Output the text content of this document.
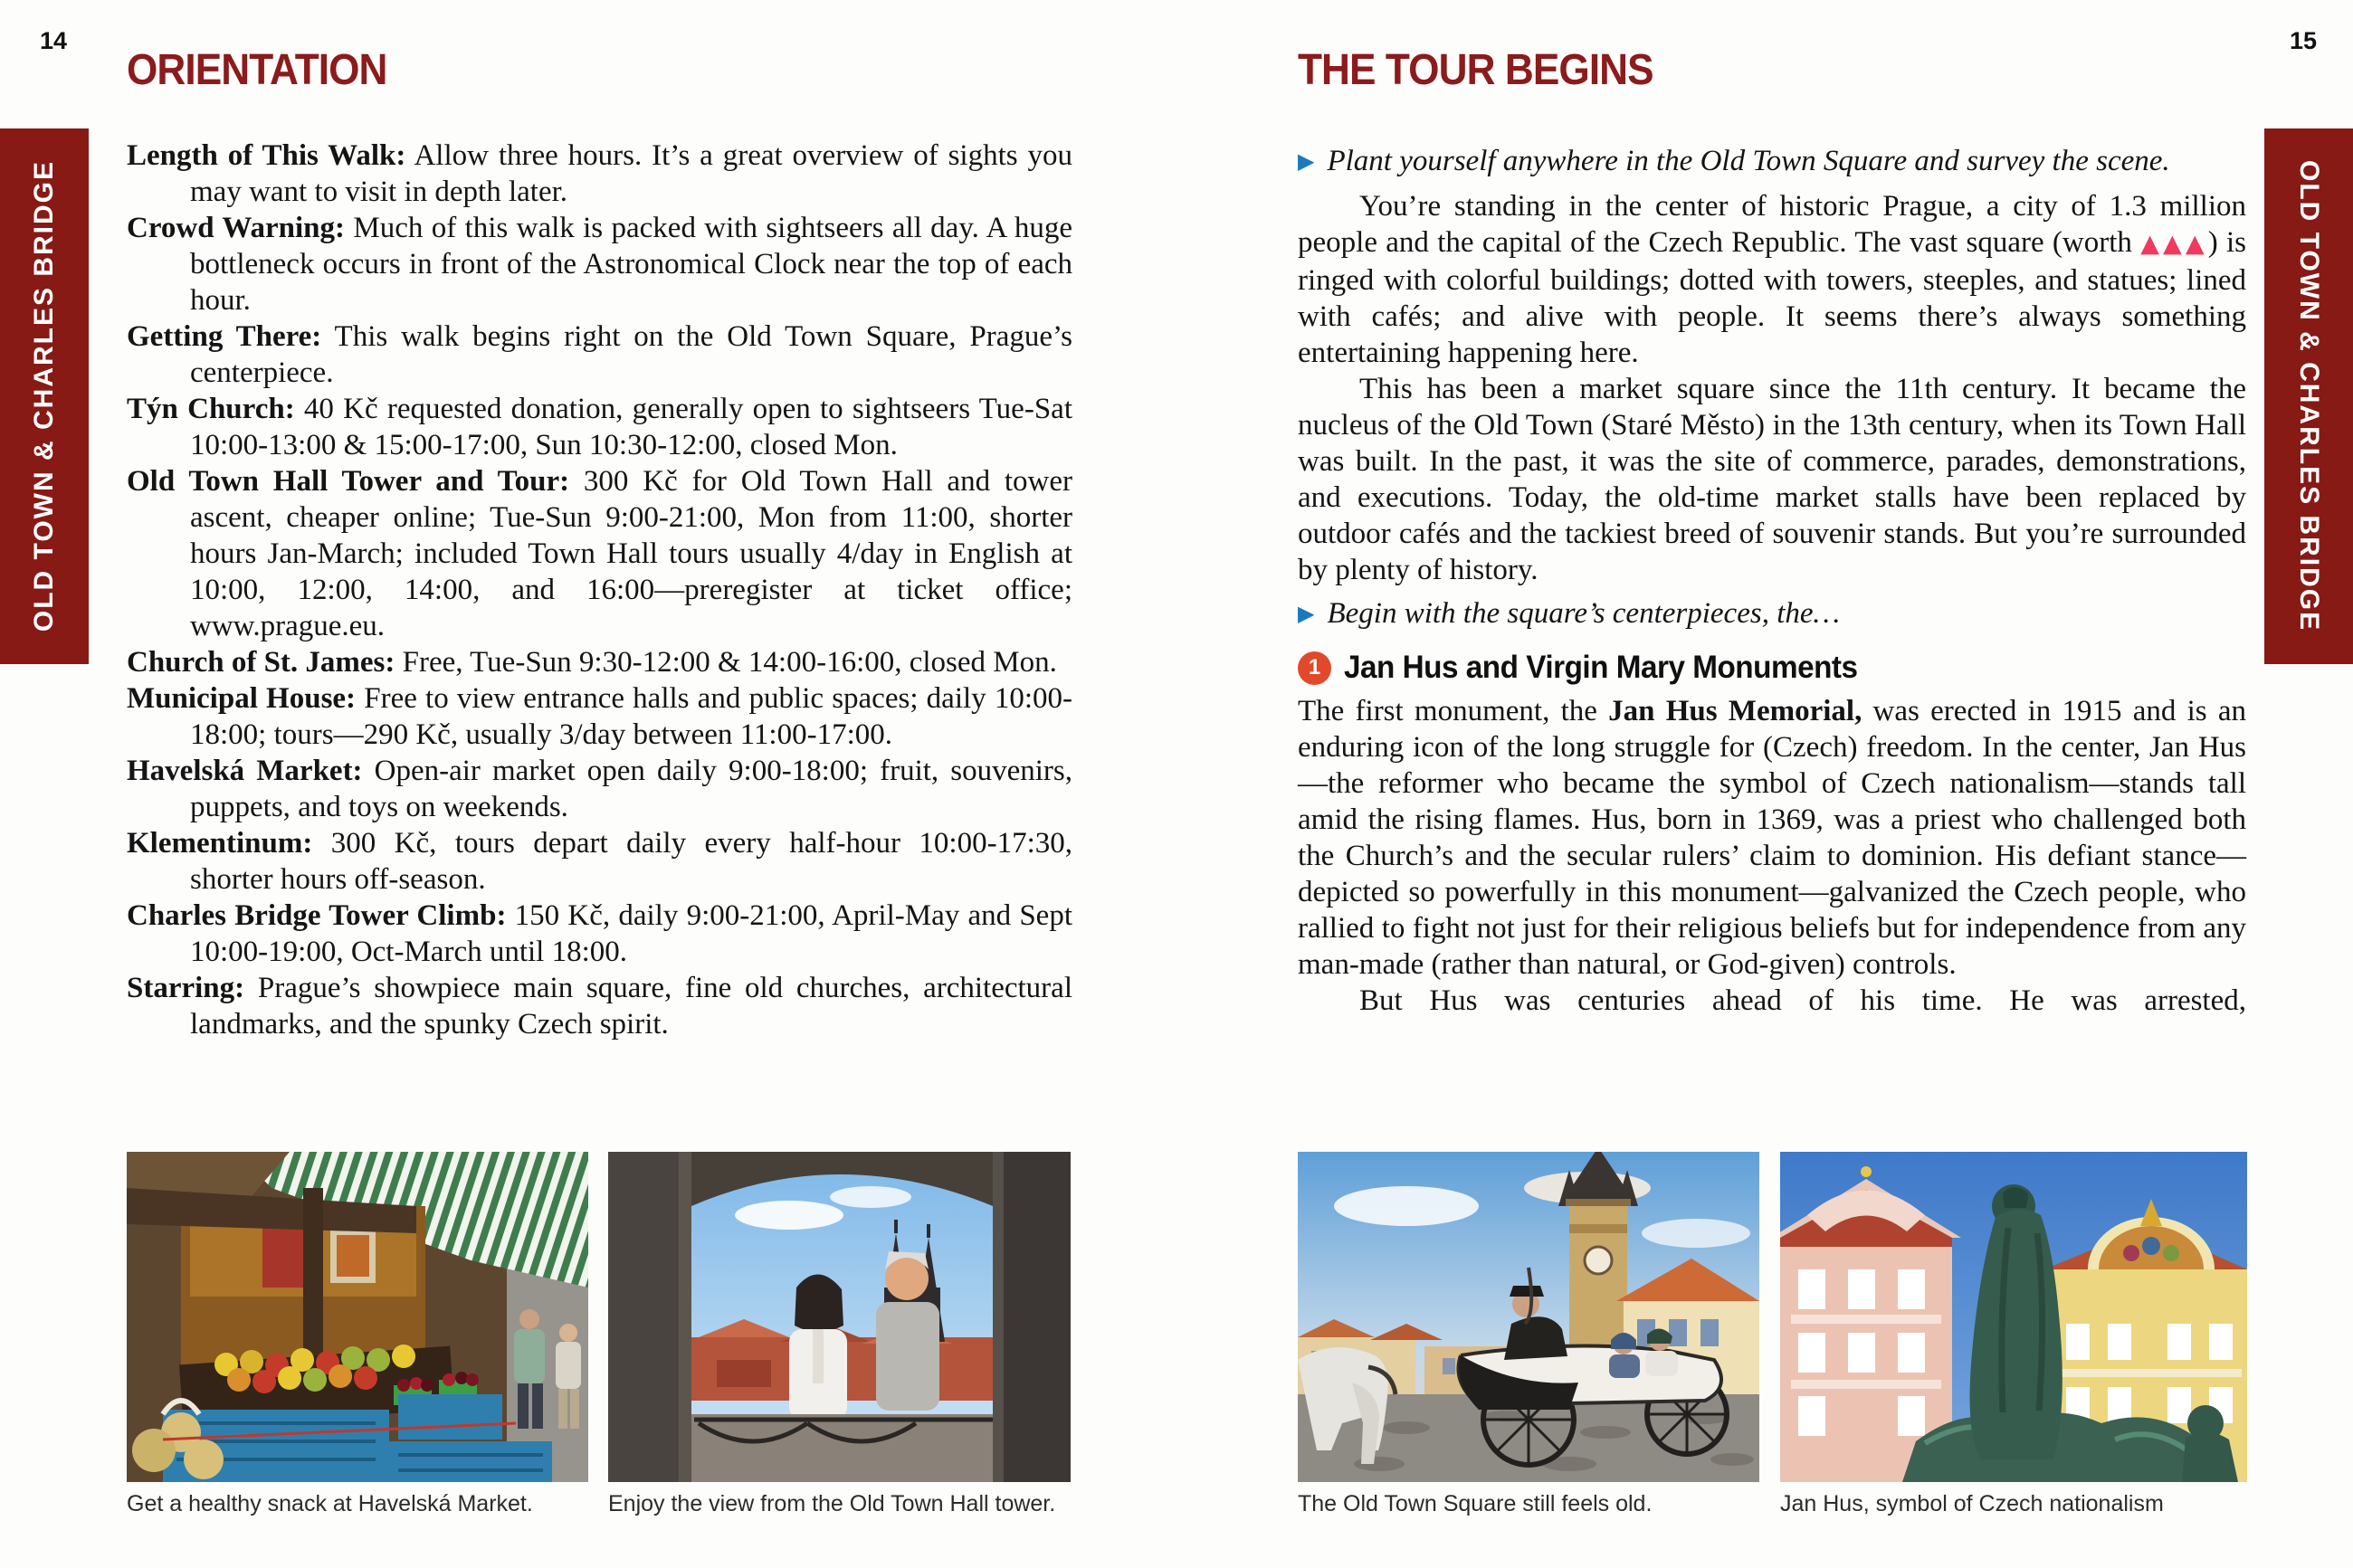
14
ORIENTATION
OLD TOWN & CHARLES BRIDGE

Length of This Walk: Allow three hours. It’s a great overview of sights you may want to visit in depth later.

Crowd Warning: Much of this walk is packed with sightseers all day. A huge bottleneck occurs in front of the Astronomical Clock near the top of each hour.

Getting There: This walk begins right on the Old Town Square, Prague’s centerpiece.

Týn Church: 40 Kč requested donation, generally open to sightseers Tue-Sat 10:00-13:00 & 15:00-17:00, Sun 10:30-12:00, closed Mon.

Old Town Hall Tower and Tour: 300 Kč for Old Town Hall and tower ascent, cheaper online; Tue-Sun 9:00-21:00, Mon from 11:00, shorter hours Jan-March; included Town Hall tours usually 4/day in English at 10:00, 12:00, 14:00, and 16:00—preregister at ticket office; www.prague.eu.

Church of St. James: Free, Tue-Sun 9:30-12:00 & 14:00-16:00, closed Mon.

Municipal House: Free to view entrance halls and public spaces; daily 10:00-18:00; tours—290 Kč, usually 3/day between 11:00-17:00.

Havelská Market: Open-air market open daily 9:00-18:00; fruit, souvenirs, puppets, and toys on weekends.

Klementinum: 300 Kč, tours depart daily every half-hour 10:00-17:30, shorter hours off-season.

Charles Bridge Tower Climb: 150 Kč, daily 9:00-21:00, April-May and Sept 10:00-19:00, Oct-March until 18:00.

Starring: Prague’s showpiece main square, fine old churches, architectural landmarks, and the spunky Czech spirit.

Get a healthy snack at Havelská Market.	Enjoy the view from the Old Town Hall tower.
15
THE TOUR BEGINS
OLD TOWN & CHARLES BRIDGE

▶ Plant yourself anywhere in the Old Town Square and survey the scene.

You’re standing in the center of historic Prague, a city of 1.3 million people and the capital of the Czech Republic. The vast square (worth ▲▲▲) is ringed with colorful buildings; dotted with towers, steeples, and statues; lined with cafés; and alive with people. It seems there’s always something entertaining happening here.

This has been a market square since the 11th century. It became the nucleus of the Old Town (Staré Město) in the 13th century, when its Town Hall was built. In the past, it was the site of commerce, parades, demonstrations, and executions. Today, the old-time market stalls have been replaced by outdoor cafés and the tackiest breed of souvenir stands. But you’re surrounded by plenty of history.

▶ Begin with the square’s centerpieces, the…

1 Jan Hus and Virgin Mary Monuments

The first monument, the Jan Hus Memorial, was erected in 1915 and is an enduring icon of the long struggle for (Czech) freedom. In the center, Jan Hus—the reformer who became the symbol of Czech nationalism—stands tall amid the rising flames. Hus, born in 1369, was a priest who challenged both the Church’s and the secular rulers’ claim to dominion. His defiant stance—depicted so powerfully in this monument—galvanized the Czech people, who rallied to fight not just for their religious beliefs but for independence from any man-made (rather than natural, or God-given) controls.

But Hus was centuries ahead of his time. He was arrested,

The Old Town Square still feels old.	Jan Hus, symbol of Czech nationalism
